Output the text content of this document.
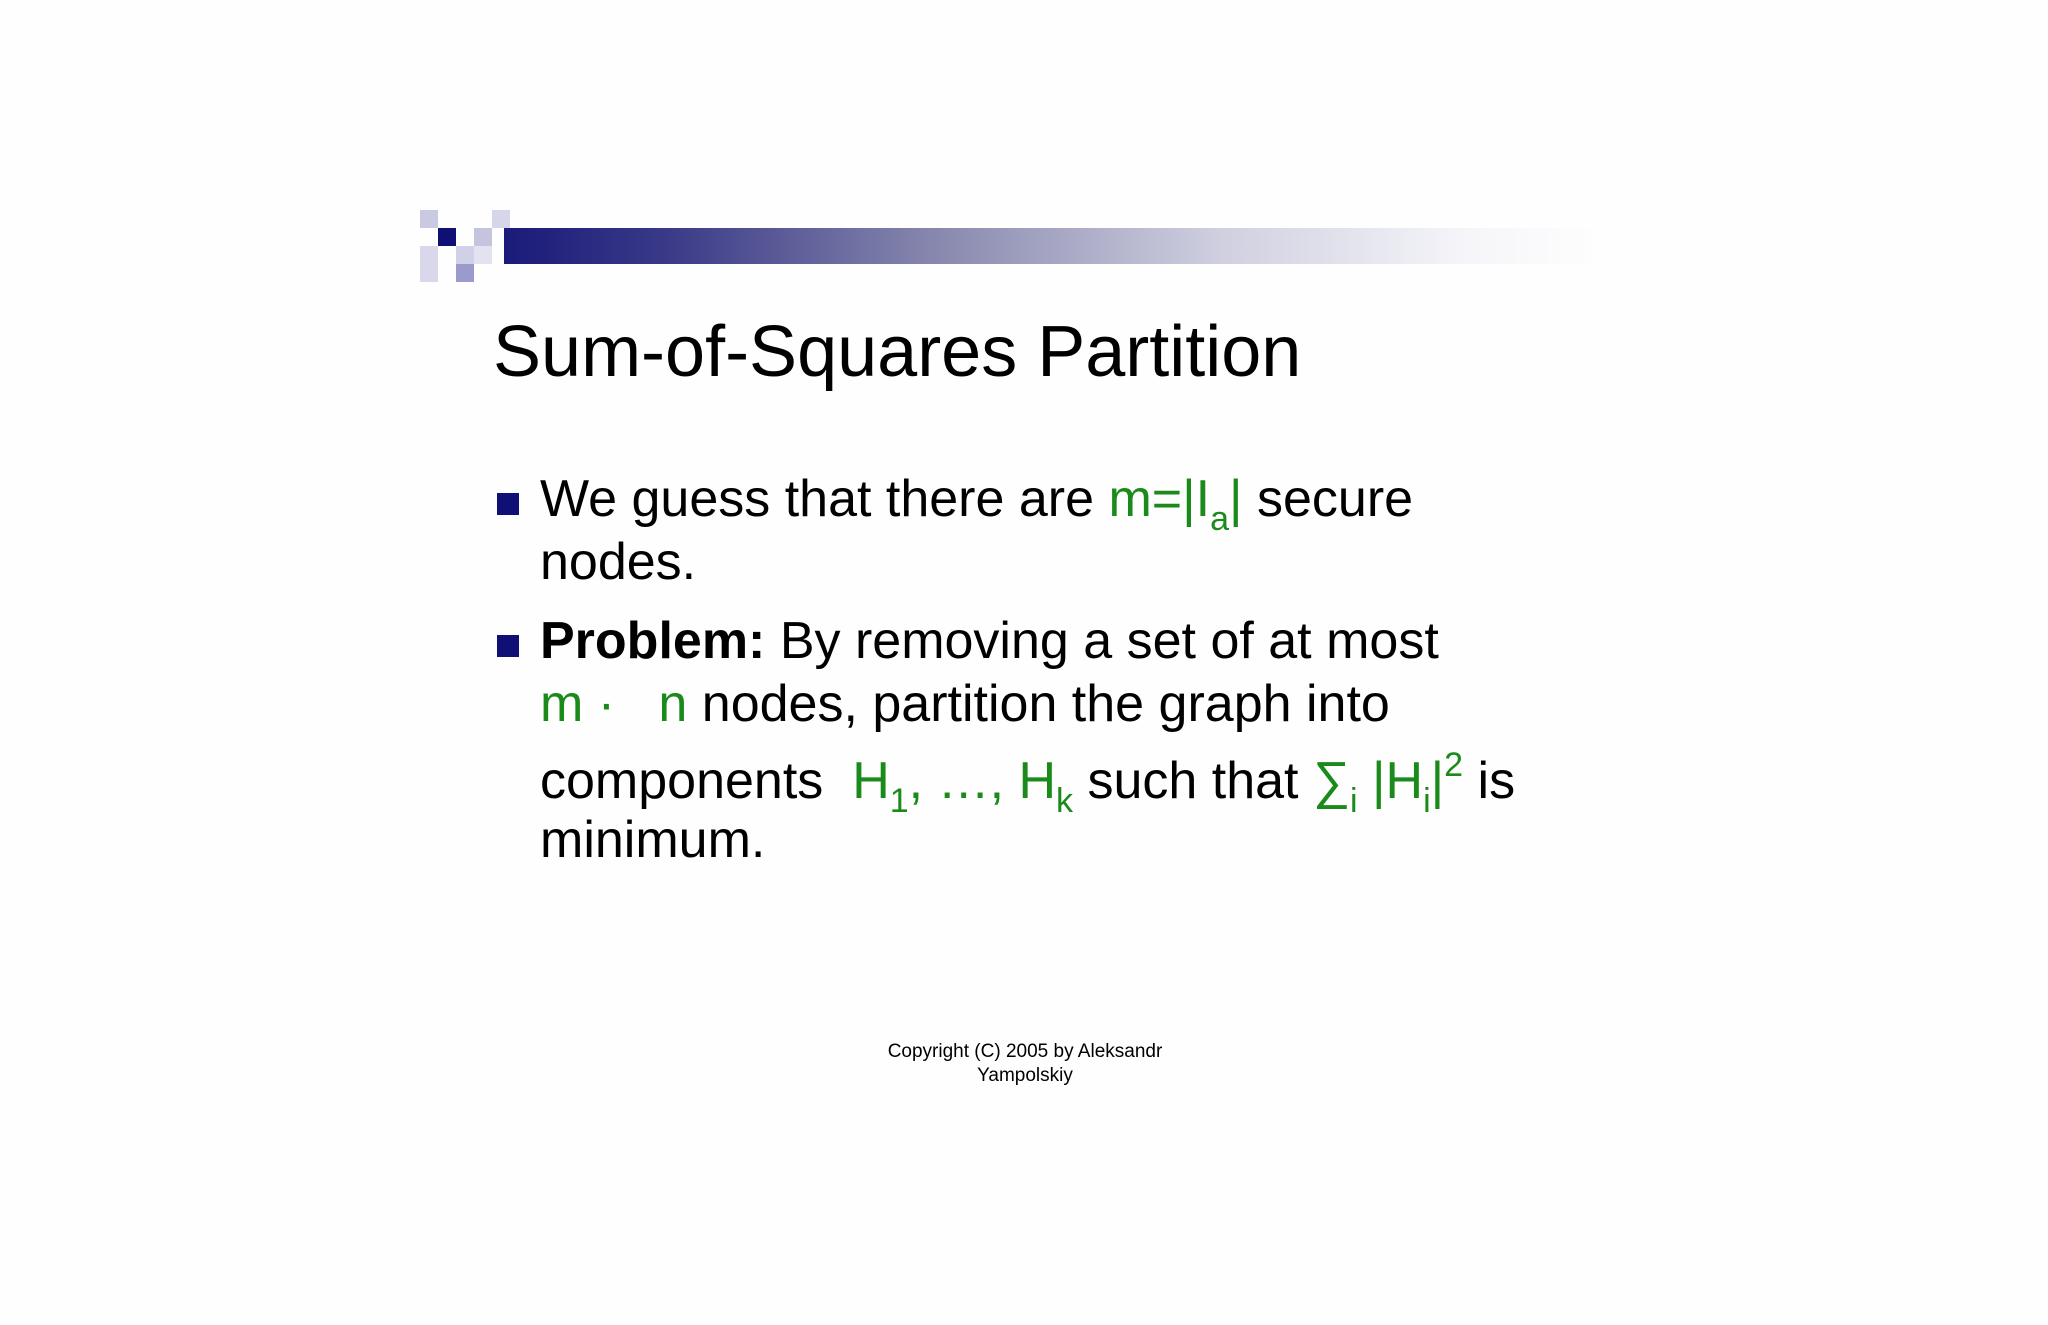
Sum-of-Squares Partition
We guess that there are $m=|I_a|$ secure
nodes.
Problem: By removing a set of at most
m ·   n nodes, partition the graph into
components  $H_1$, …, $H_k$ such that $\sum_i$ $|H_i|^2$ is
minimum.
Copyright (C) 2005 by Aleksandr
Yampolskiy
